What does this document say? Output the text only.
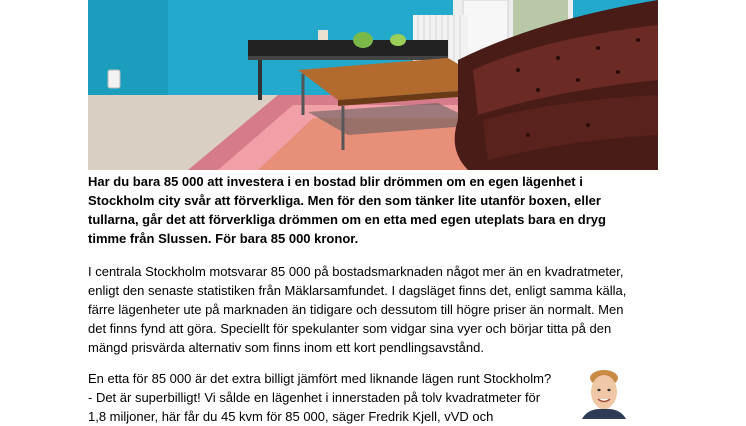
Har du bara 85 000 att investera i en bostad blir drömmen om en egen lägenhet i
Stockholm city svår att förverkliga. Men för den som tänker lite utanför boxen, eller
tullarna, går det att förverkliga drömmen om en etta med egen uteplats bara en dryg
timme från Slussen. För bara 85 000 kronor.
I centrala Stockholm motsvarar 85 000 på bostadsmarknaden något mer än en kvadratmeter,
enligt den senaste statistiken från Mäklarsamfundet. I dagsläget finns det, enligt samma källa,
färre lägenheter ute på marknaden än tidigare och dessutom till högre priser än normalt. Men
det finns fynd att göra. Speciellt för spekulanter som vidgar sina vyer och börjar titta på den
mängd prisvärda alternativ som finns inom ett kort pendlingsavstånd.
En etta för 85 000 är det extra billigt jämfört med liknande lägen runt Stockholm?
- Det är superbilligt! Vi sålde en lägenhet i innerstaden på tolv kvadratmeter för
1,8 miljoner, här får du 45 kvm för 85 000, säger Fredrik Kjell, vVD och
